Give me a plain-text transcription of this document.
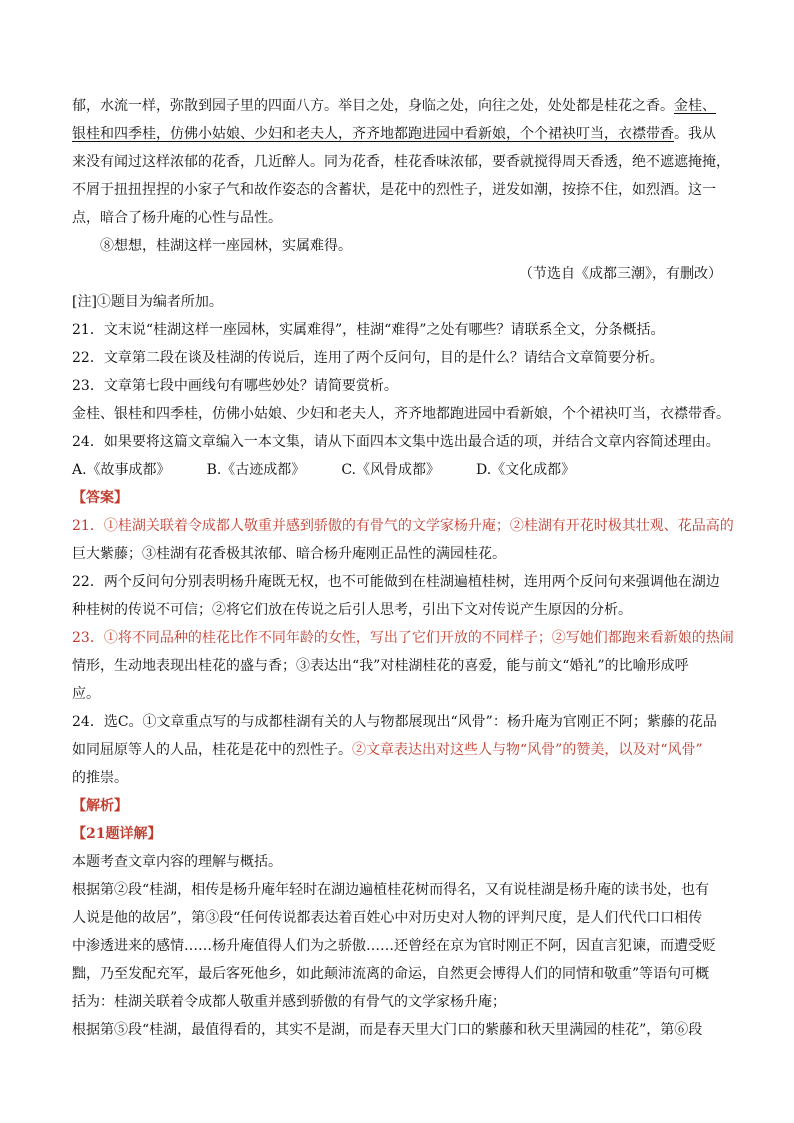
郁，水流一样，弥散到园子里的四面八方。举目之处，身临之处，向往之处，处处都是桂花之香。金桂、
银桂和四季桂，仿佛小姑娘、少妇和老夫人，齐齐地都跑进园中看新娘，个个裙袂叮当，衣襟带香。我从
来没有闻过这样浓郁的花香，几近醉人。同为花香，桂花香味浓郁，要香就搅得周天香透，绝不遮遮掩掩，
不屑于扭扭捏捏的小家子气和故作姿态的含蓄状，是花中的烈性子，迸发如潮，按捺不住，如烈酒。这一
点，暗合了杨升庵的心性与品性。
⑧想想，桂湖这样一座园林，实属难得。
（节选自《成都三潮》，有删改）
[注]①题目为编者所加。
21．文末说“桂湖这样一座园林，实属难得”，桂湖“难得”之处有哪些？请联系全文，分条概括。
22．文章第二段在谈及桂湖的传说后，连用了两个反问句，目的是什么？请结合文章简要分析。
23．文章第七段中画线句有哪些妙处？请简要赏析。
金桂、银桂和四季桂，仿佛小姑娘、少妇和老夫人，齐齐地都跑进园中看新娘，个个裙袂叮当，衣襟带香。
24．如果要将这篇文章编入一本文集，请从下面四本文集中选出最合适的项，并结合文章内容简述理由。
A.《故事成都》	B.《古迹成都》	C.《风骨成都》	D.《文化成都》
【答案】
21．①桂湖关联着令成都人敬重并感到骄傲的有骨气的文学家杨升庵；②桂湖有开花时极其壮观、花品高的
巨大紫藤；③桂湖有花香极其浓郁、暗合杨升庵刚正品性的满园桂花。
22．两个反问句分别表明杨升庵既无权，也不可能做到在桂湖遍植桂树，连用两个反问句来强调他在湖边
种桂树的传说不可信；②将它们放在传说之后引人思考，引出下文对传说产生原因的分析。
23．①将不同品种的桂花比作不同年龄的女性，写出了它们开放的不同样子；②写她们都跑来看新娘的热闹
情形，生动地表现出桂花的盛与香；③表达出“我”对桂湖桂花的喜爱，能与前文“婚礼”的比喻形成呼
应。
24．选C。①文章重点写的与成都桂湖有关的人与物都展现出“风骨”：杨升庵为官刚正不阿；紫藤的花品
如同屈原等人的人品，桂花是花中的烈性子。②文章表达出对这些人与物“风骨”的赞美，以及对“风骨”
的推崇。
【解析】
【21题详解】
本题考查文章内容的理解与概括。
根据第②段“桂湖，相传是杨升庵年轻时在湖边遍植桂花树而得名，又有说桂湖是杨升庵的读书处，也有
人说是他的故居”，第③段“任何传说都表达着百姓心中对历史对人物的评判尺度，是人们代代口口相传
中渗透进来的感情……杨升庵值得人们为之骄傲……还曾经在京为官时刚正不阿，因直言犯谏，而遭受贬
黜，乃至发配充军，最后客死他乡，如此颠沛流离的命运，自然更会博得人们的同情和敬重”等语句可概
括为：桂湖关联着令成都人敬重并感到骄傲的有骨气的文学家杨升庵；
根据第⑤段“桂湖，最值得看的，其实不是湖，而是春天里大门口的紫藤和秋天里满园的桂花”，第⑥段
